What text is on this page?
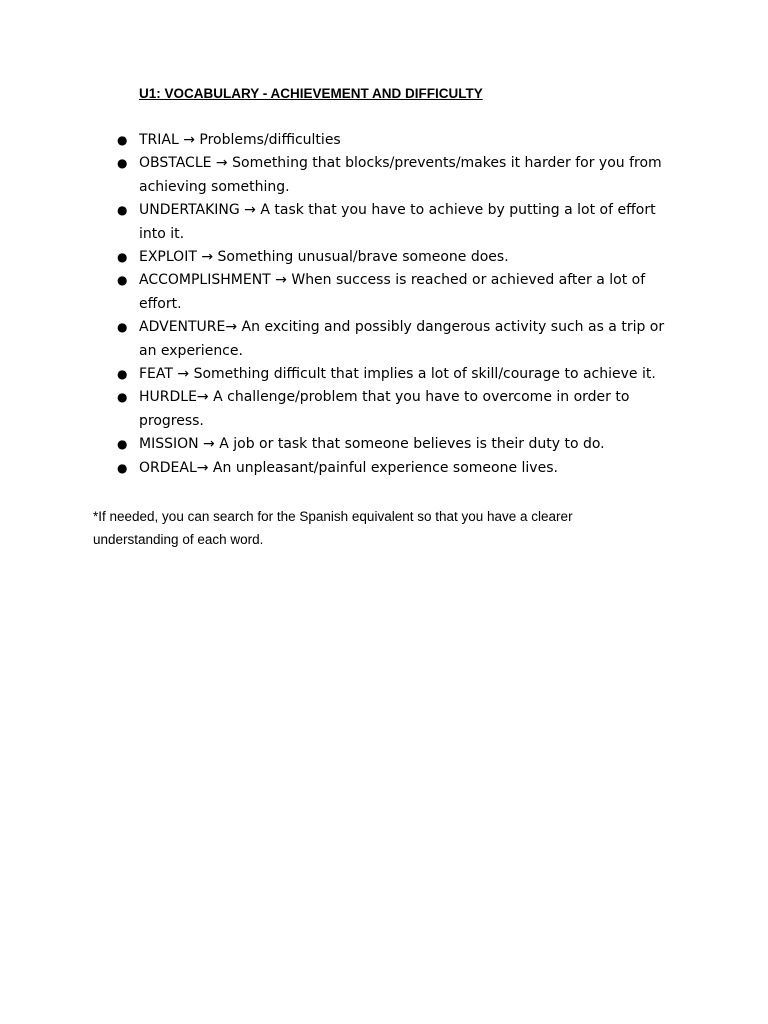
U1: VOCABULARY - ACHIEVEMENT AND DIFFICULTY
● TRIAL → Problems/difficulties
● OBSTACLE → Something that blocks/prevents/makes it harder for you from achieving something.
● UNDERTAKING → A task that you have to achieve by putting a lot of effort into it.
● EXPLOIT → Something unusual/brave someone does.
● ACCOMPLISHMENT → When success is reached or achieved after a lot of effort.
● ADVENTURE→ An exciting and possibly dangerous activity such as a trip or an experience.
● FEAT → Something difficult that implies a lot of skill/courage to achieve it.
● HURDLE→ A challenge/problem that you have to overcome in order to progress.
● MISSION → A job or task that someone believes is their duty to do.
● ORDEAL→ An unpleasant/painful experience someone lives.

*If needed, you can search for the Spanish equivalent so that you have a clearer understanding of each word.
